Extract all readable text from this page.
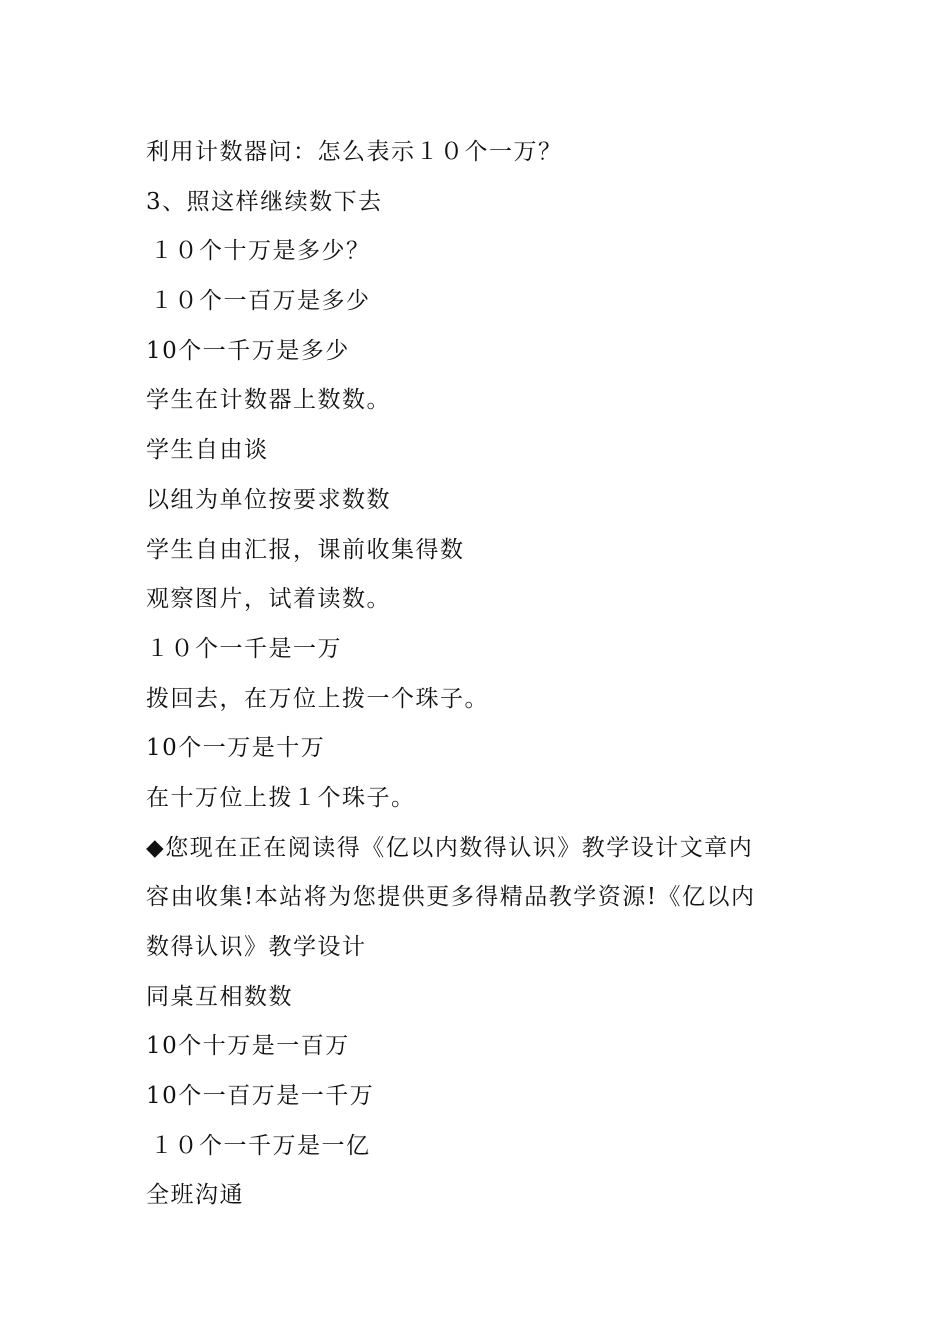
利用计数器问：怎么表示１０个一万？

3、照这样继续数下去

１０个十万是多少？

１０个一百万是多少

10个一千万是多少

学生在计数器上数数。

学生自由谈

以组为单位按要求数数

学生自由汇报，课前收集得数

观察图片，试着读数。

１０个一千是一万

拨回去，在万位上拨一个珠子。

10个一万是十万

在十万位上拨１个珠子。

◆您现在正在阅读得《亿以内数得认识》教学设计文章内

容由收集!本站将为您提供更多得精品教学资源!《亿以内

数得认识》教学设计

同桌互相数数

10个十万是一百万

10个一百万是一千万

１０个一千万是一亿

全班沟通
